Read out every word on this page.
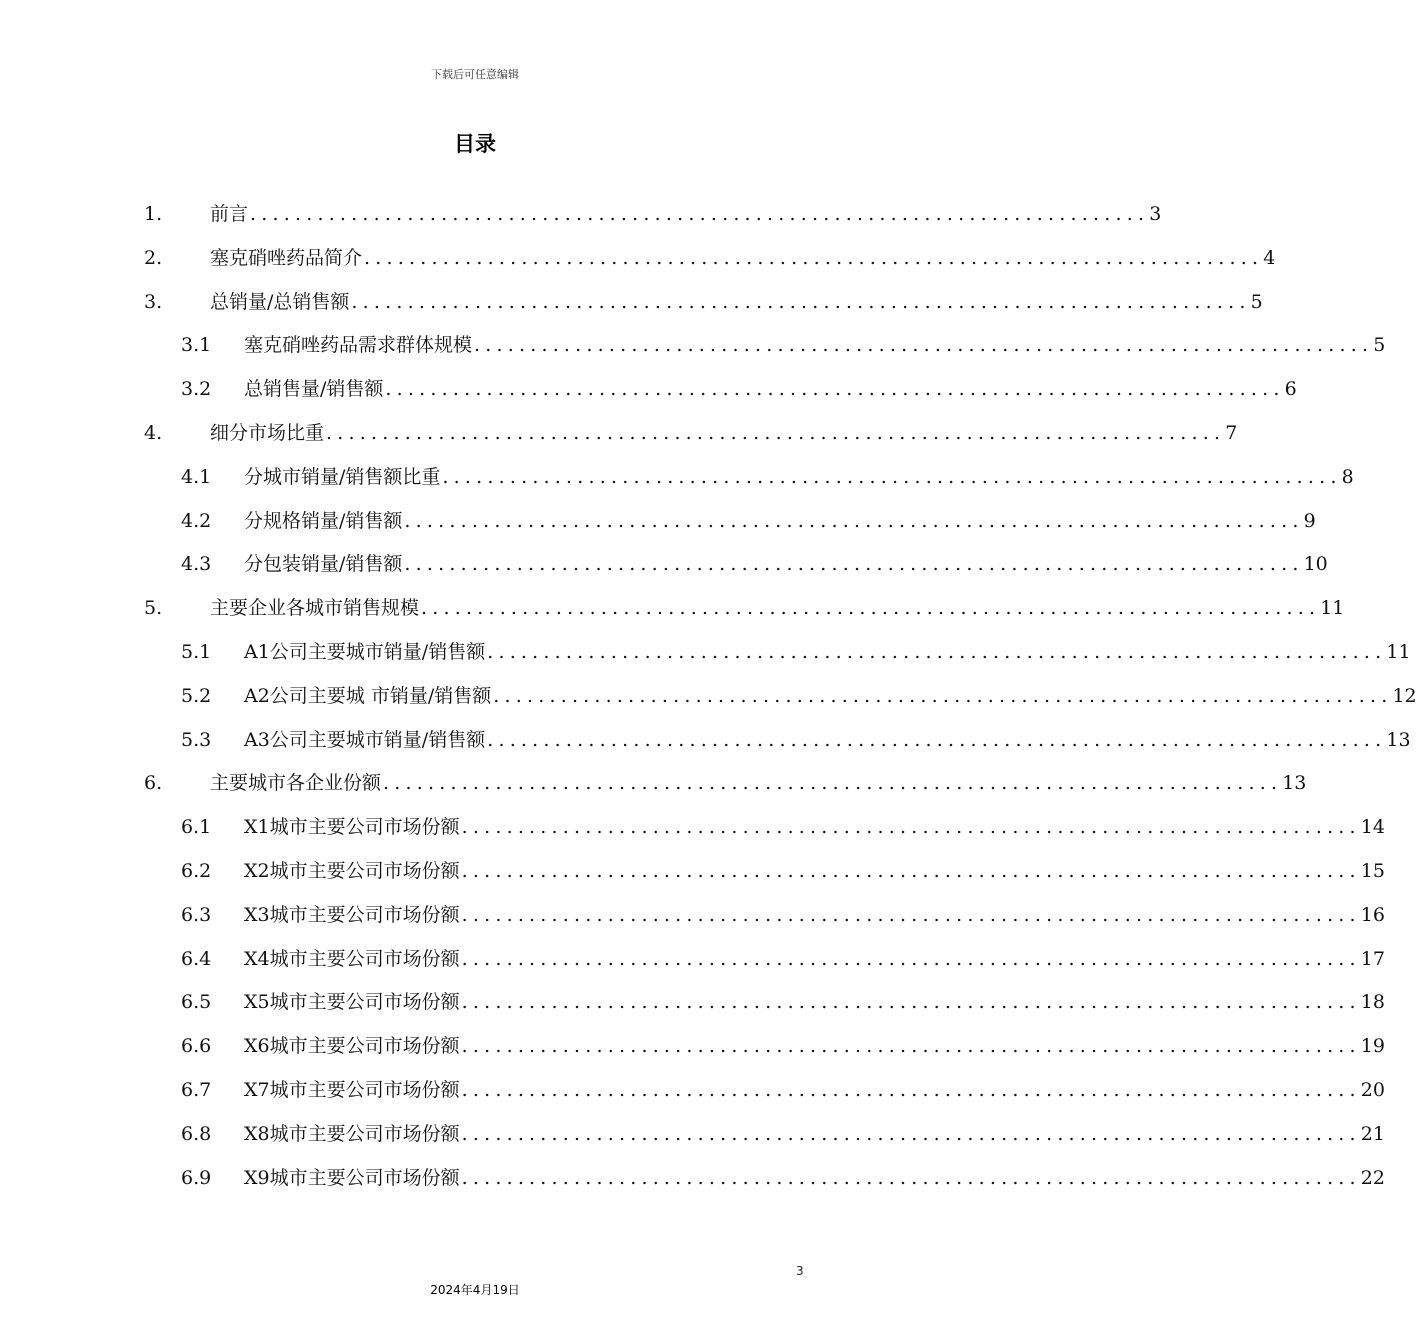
下载后可任意编辑
目录
1.	前言 ................................................................................ 3
2.	塞克硝唑药品简介 ................................................................................ 4
3.	总销量/总销售额 ................................................................................ 5
3.1 塞克硝唑药品需求群体规模 ................................................................................ 5
3.2 总销售量/销售额 ................................................................................ 6
4.	细分市场比重 ................................................................................ 7
4.1 分城市销量/销售额比重 ................................................................................ 8
4.2 分规格销量/销售额 ................................................................................ 9
4.3 分包装销量/销售额 ................................................................................ 10
5.	主要企业各城市销售规模 ................................................................................ 11
5.1 A1公司主要城市销量/销售额 ................................................................................ 11
5.2 A2公司主要城 市销量/销售额 ................................................................................ 12
5.3 A3公司主要城市销量/销售额 ................................................................................ 13
6.	主要城市各企业份额 ................................................................................ 13
6.1 X1城市主要公司市场份额 ................................................................................ 14
6.2 X2城市主要公司市场份额 ................................................................................ 15
6.3 X3城市主要公司市场份额 ................................................................................ 16
6.4 X4城市主要公司市场份额 ................................................................................ 17
6.5 X5城市主要公司市场份额 ................................................................................ 18
6.6 X6城市主要公司市场份额 ................................................................................ 19
6.7 X7城市主要公司市场份额 ................................................................................ 20
6.8 X8城市主要公司市场份额 ................................................................................ 21
6.9 X9城市主要公司市场份额 ................................................................................ 22
3
2024年4月19日
